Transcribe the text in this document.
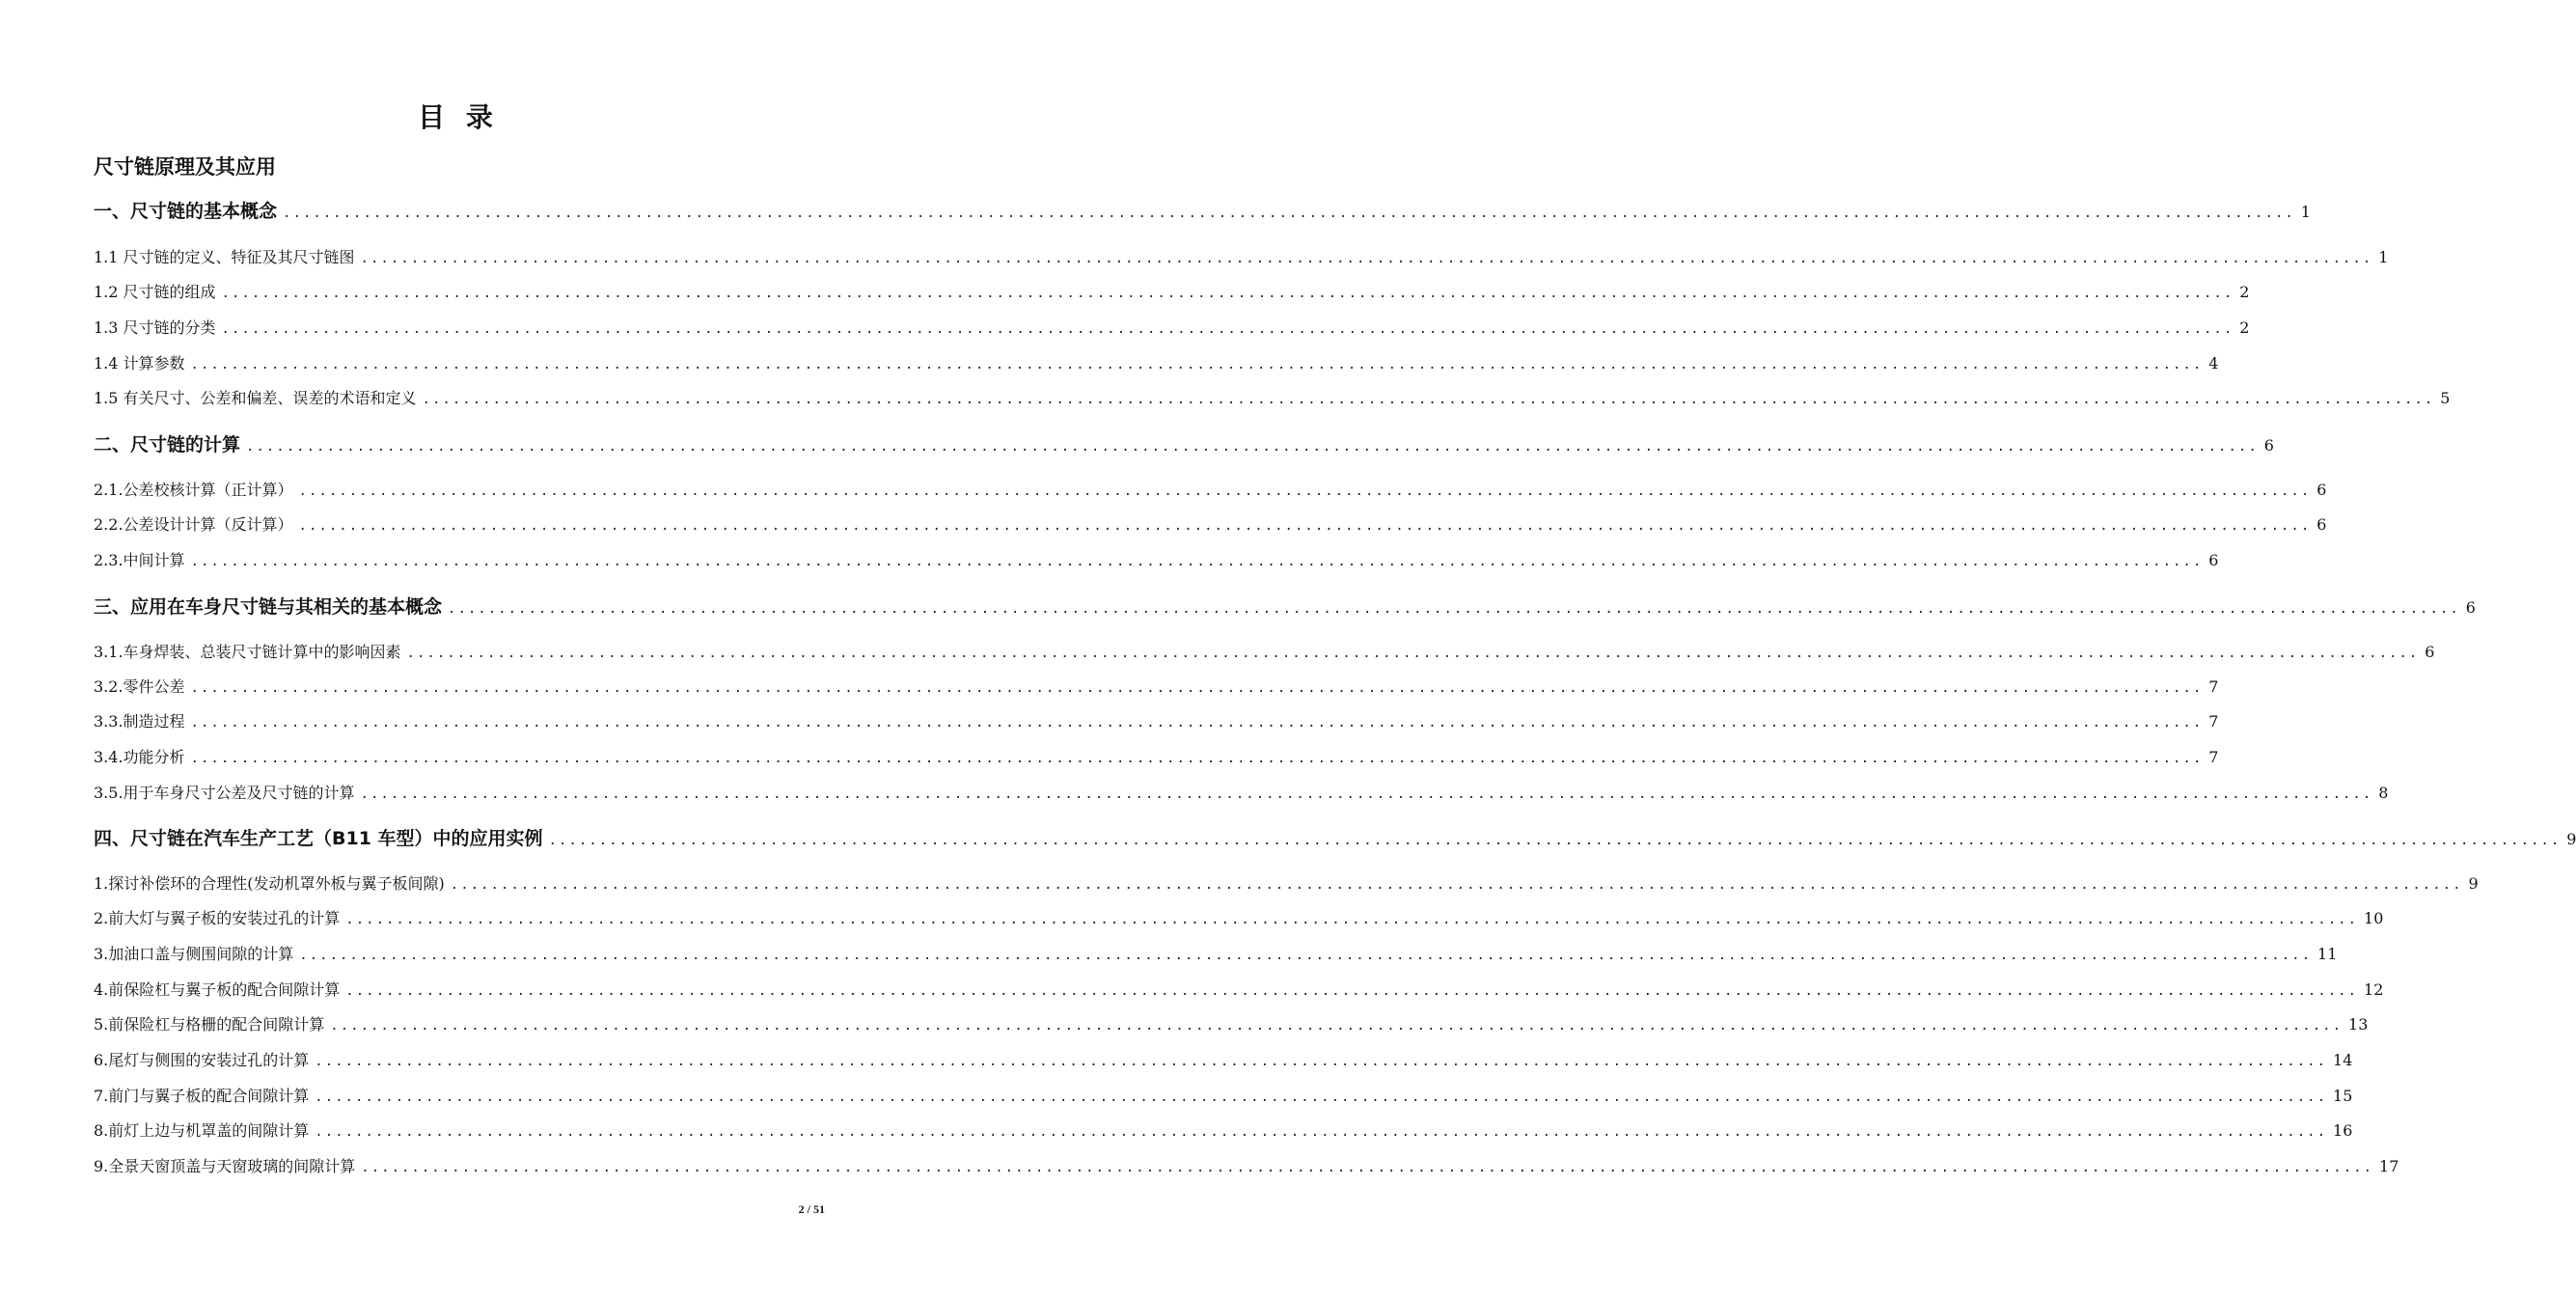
目 录
尺寸链原理及其应用
一、尺寸链的基本概念 ........................................................................................................................................................................................................ 1
1.1 尺寸链的定义、特征及其尺寸链图 ........................................................................................................................................................................................................ 1
1.2 尺寸链的组成 ........................................................................................................................................................................................................ 2
1.3 尺寸链的分类 ........................................................................................................................................................................................................ 2
1.4 计算参数 ........................................................................................................................................................................................................ 4
1.5 有关尺寸、公差和偏差、误差的术语和定义 ........................................................................................................................................................................................................ 5
二、尺寸链的计算 ........................................................................................................................................................................................................ 6
2.1.公差校核计算（正计算） ........................................................................................................................................................................................................ 6
2.2.公差设计计算（反计算） ........................................................................................................................................................................................................ 6
2.3.中间计算 ........................................................................................................................................................................................................ 6
三、应用在车身尺寸链与其相关的基本概念 ........................................................................................................................................................................................................ 6
3.1.车身焊装、总装尺寸链计算中的影响因素 ........................................................................................................................................................................................................ 6
3.2.零件公差 ........................................................................................................................................................................................................ 7
3.3.制造过程 ........................................................................................................................................................................................................ 7
3.4.功能分析 ........................................................................................................................................................................................................ 7
3.5.用于车身尺寸公差及尺寸链的计算 ........................................................................................................................................................................................................ 8
四、尺寸链在汽车生产工艺（B11 车型）中的应用实例 ........................................................................................................................................................................................................ 9
1.探讨补偿环的合理性(发动机罩外板与翼子板间隙) ........................................................................................................................................................................................................ 9
2.前大灯与翼子板的安装过孔的计算 ........................................................................................................................................................................................................ 10
3.加油口盖与侧围间隙的计算 ........................................................................................................................................................................................................ 11
4.前保险杠与翼子板的配合间隙计算 ........................................................................................................................................................................................................ 12
5.前保险杠与格栅的配合间隙计算 ........................................................................................................................................................................................................ 13
6.尾灯与侧围的安装过孔的计算 ........................................................................................................................................................................................................ 14
7.前门与翼子板的配合间隙计算 ........................................................................................................................................................................................................ 15
8.前灯上边与机罩盖的间隙计算 ........................................................................................................................................................................................................ 16
9.全景天窗顶盖与天窗玻璃的间隙计算 ........................................................................................................................................................................................................ 17
2 / 51
